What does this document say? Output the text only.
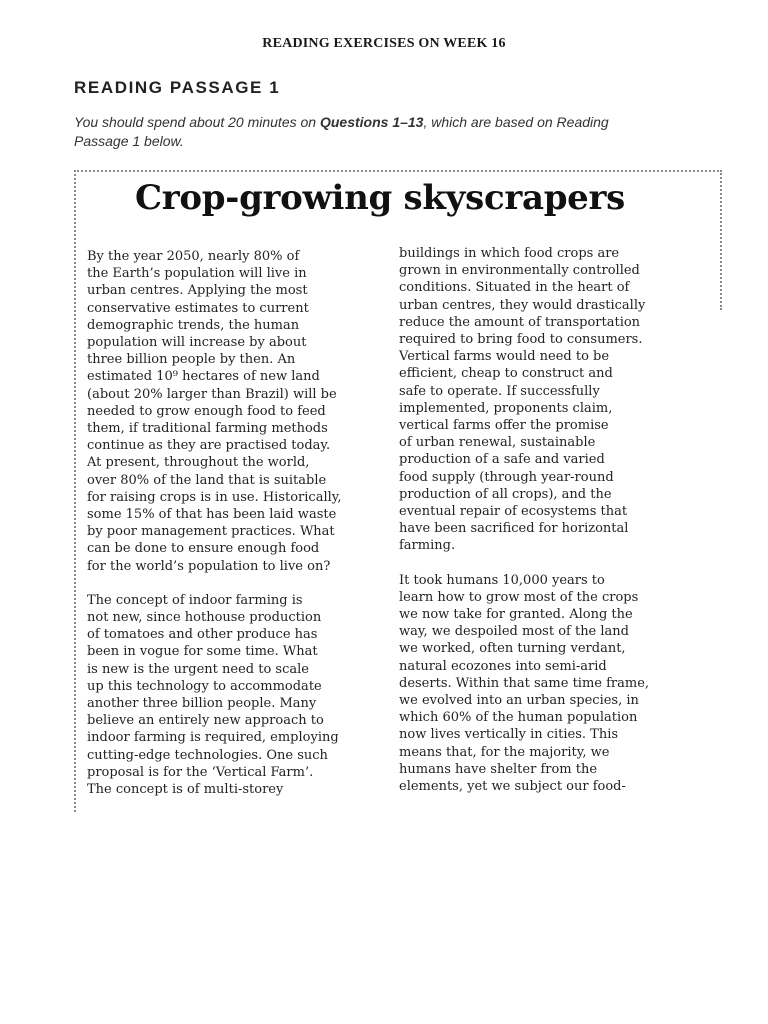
READING EXERCISES ON WEEK 16
READING PASSAGE 1
You should spend about 20 minutes on Questions 1–13, which are based on Reading
Passage 1 below.
Crop-growing skyscrapers

By the year 2050, nearly 80% of
the Earth’s population will live in
urban centres. Applying the most
conservative estimates to current
demographic trends, the human
population will increase by about
three billion people by then. An
estimated 10⁹ hectares of new land
(about 20% larger than Brazil) will be
needed to grow enough food to feed
them, if traditional farming methods
continue as they are practised today.
At present, throughout the world,
over 80% of the land that is suitable
for raising crops is in use. Historically,
some 15% of that has been laid waste
by poor management practices. What
can be done to ensure enough food
for the world’s population to live on?

The concept of indoor farming is
not new, since hothouse production
of tomatoes and other produce has
been in vogue for some time. What
is new is the urgent need to scale
up this technology to accommodate
another three billion people. Many
believe an entirely new approach to
indoor farming is required, employing
cutting-edge technologies. One such
proposal is for the ‘Vertical Farm’.
The concept is of multi-storey

buildings in which food crops are
grown in environmentally controlled
conditions. Situated in the heart of
urban centres, they would drastically
reduce the amount of transportation
required to bring food to consumers.
Vertical farms would need to be
efficient, cheap to construct and
safe to operate. If successfully
implemented, proponents claim,
vertical farms offer the promise
of urban renewal, sustainable
production of a safe and varied
food supply (through year-round
production of all crops), and the
eventual repair of ecosystems that
have been sacrificed for horizontal
farming.

It took humans 10,000 years to
learn how to grow most of the crops
we now take for granted. Along the
way, we despoiled most of the land
we worked, often turning verdant,
natural ecozones into semi-arid
deserts. Within that same time frame,
we evolved into an urban species, in
which 60% of the human population
now lives vertically in cities. This
means that, for the majority, we
humans have shelter from the
elements, yet we subject our food-
